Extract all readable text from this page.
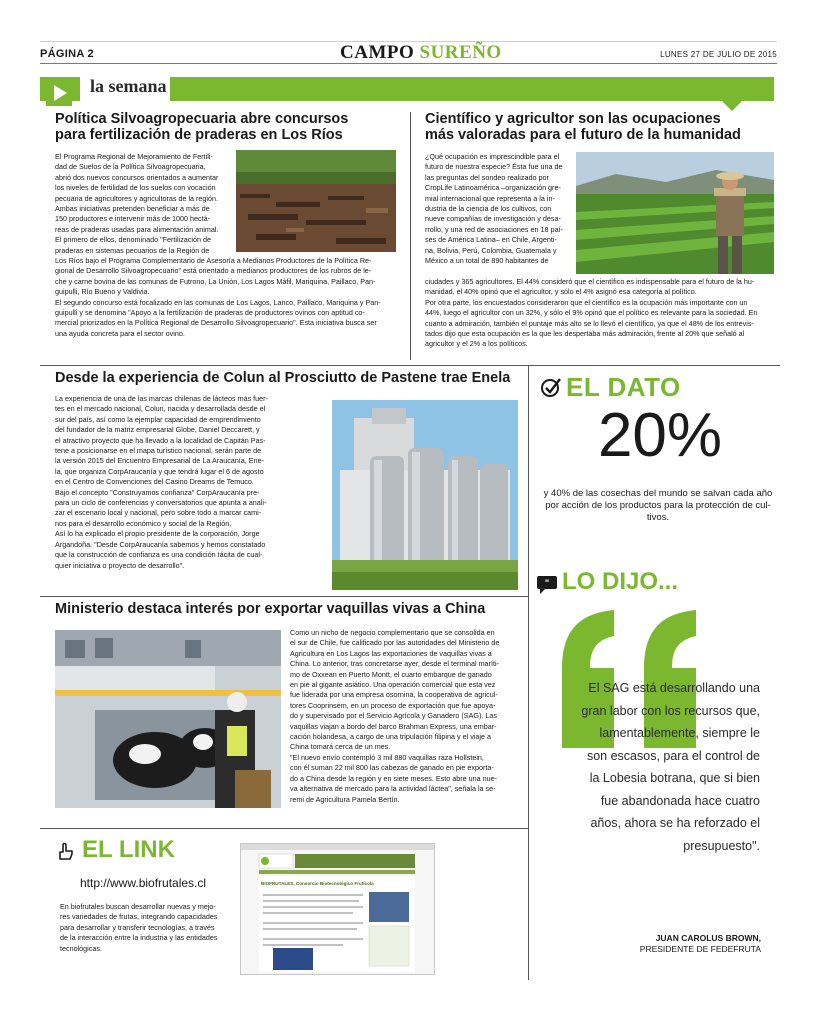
PÁGINA 2	CAMPO SUREÑO	LUNES 27 DE JULIO DE 2015
la semana
Política Silvoagropecuaria abre concursos
para fertilización de praderas en Los Ríos

El Programa Regional de Mejoramiento de Fertili-

dad de Suelos de la Política Silvoagropecuaria,

abrió dos nuevos concursos orientados a aumentar

los niveles de fertilidad de los suelos con vocación

pecuaria de agricultores y agricultoras de la región.

Ambas iniciativas pretenden beneficiar a más de

150 productores e intervenir más de 1000 hectá-

reas de praderas usadas para alimentación animal.

El primero de ellos, denominado "Fertilización de

praderas en sistemas pecuarios de la Región de

Los Ríos bajo el Programa Complementario de Asesoría a Medianos Productores de la Política Re-

gional de Desarrollo Silvoagropecuario" está orientado a medianos productores de los rubros de le-

che y carne bovina de las comunas de Futrono, La Unión, Los Lagos Máfil, Mariquina, Paillaco, Pan-

guipulli, Río Bueno y Valdivia.

El segundo concurso está focalizado en las comunas de Los Lagos, Lanco, Paillaco, Mariquina y Pan-

guipulli y se denomina "Apoyo a la fertilización de praderas de productores ovinos con aptitud co-

mercial priorizados en la Política Regional de Desarrollo Silvoagropecuario". Esta iniciativa busca ser

una ayuda concreta para el sector ovino.

Científico y agricultor son las ocupaciones
más valoradas para el futuro de la humanidad

¿Qué ocupación es imprescindible para el

futuro de nuestra especie? Ésta fue una de

las preguntas del sondeo realizado por

CropLife Latinoamérica –organización gre-

mial internacional que representa a la in-

dustria de la ciencia de los cultivos, con

nueve compañías de investigación y desa-

rrollo, y una red de asociaciones en 18 paí-

ses de América Latina– en Chile, Argenti-

na, Bolivia, Perú, Colombia, Guatemala y

México a un total de 890 habitantes de

ciudades y 365 agricultores. El 44% consideró que el científico es indispensable para el futuro de la hu-

manidad, el 40% opinó que el agricultor, y sólo el 4% asignó esa categoría al político.

Por otra parte, los encuestados consideraron que el científico es la ocupación más importante con un

44%, luego el agricultor con un 32%, y sólo el 9% opinó que el político es relevante para la sociedad. En

cuanto a admiración, también el puntaje más alto se lo llevó el científico, ya que el 48% de los entrevis-

tados dijo que esta ocupación es la que les despertaba más admiración, frente al 20% que señaló al

agricultor y el 2% a los políticos.

Desde la experiencia de Colun al Prosciutto de Pastene trae Enela

La experiencia de una de las marcas chilenas de lácteos más fuer-

tes en el mercado nacional, Colun, nacida y desarrollada desde el

sur del país, así como la ejemplar capacidad de emprendimiento

del fundador de la matriz empresarial Globe, Daniel Deccarett, y

el atractivo proyecto que ha llevado a la localidad de Capitán Pas-

tene a posicionarse en el mapa turístico nacional, serán parte de

la versión 2015 del Encuentro Empresarial de La Araucanía, Ene-

la, que organiza CorpAraucanía y que tendrá lugar el 6 de agosto

en el Centro de Convenciones del Casino Dreams de Temuco.

Bajo el concepto "Construyamos confianza" CorpAraucanía pre-

para un ciclo de conferencias y conversatorios que apunta a anali-

zar el escenario local y nacional, pero sobre todo a marcar cami-

nos para el desarrollo económico y social de la Región.

Así lo ha explicado el propio presidente de la corporación, Jorge

Argandoña. "Desde CorpAraucanía sabemos y hemos constatado

que la construcción de confianza es una condición tácita de cual-

quier iniciativa o proyecto de desarrollo".

Ministerio destaca interés por exportar vaquillas vivas a China

Como un nicho de negocio complementario que se consolida en

el sur de Chile, fue calificado por las autoridades del Ministerio de

Agricultura en Los Lagos las exportaciones de vaquillas vivas a

China. Lo anterior, tras concretarse ayer, desde el terminal maríti-

mo de Oxxean en Puerto Montt, el cuarto embarque de ganado

en pie al gigante asiático. Una operación comercial que esta vez

fue liderada por una empresa osornina, la cooperativa de agricul-

tores Cooprinsem, en un proceso de exportación que fue apoya-

do y supervisado por el Servicio Agrícola y Ganadero (SAG). Las

vaquillas viajan a bordo del barco Brahman Express, una embar-

cación holandesa, a cargo de una tripulación filipina y el viaje a

China tomará cerca de un mes.

"El nuevo envío contempló 3 mil 880 vaquillas raza Hollstein,

con él suman 22 mil 800 las cabezas de ganado en pie exporta-

do a China desde la región y en siete meses. Esto abre una nue-

va alternativa de mercado para la actividad láctea", señala la se-

remi de Agricultura Pamela Bertín.

EL DATO
20%
y 40% de las cosechas del mundo se salvan cada año
por acción de los productos para la protección de cul-
tivos.
" LO DIJO...
El SAG está desarrollando una
gran labor con los recursos que,
lamentablemente, siempre le
son escasos, para el control de
la Lobesia botrana, que si bien
fue abandonada hace cuatro
años, ahora se ha reforzado el
presupuesto".
JUAN CAROLUS BROWN,
PRESIDENTE DE FEDEFRUTA
EL LINK
http://www.biofrutales.cl

En biofrutales buscan desarrollar nuevas y mejo-

res variedades de frutas, integrando capacidades

para desarrollar y transferir tecnologías, a través

de la interacción entre la industria y las entidades

tecnológicas.

BIOFRUTALES, Consorcio Biotecnológico Frutícola
